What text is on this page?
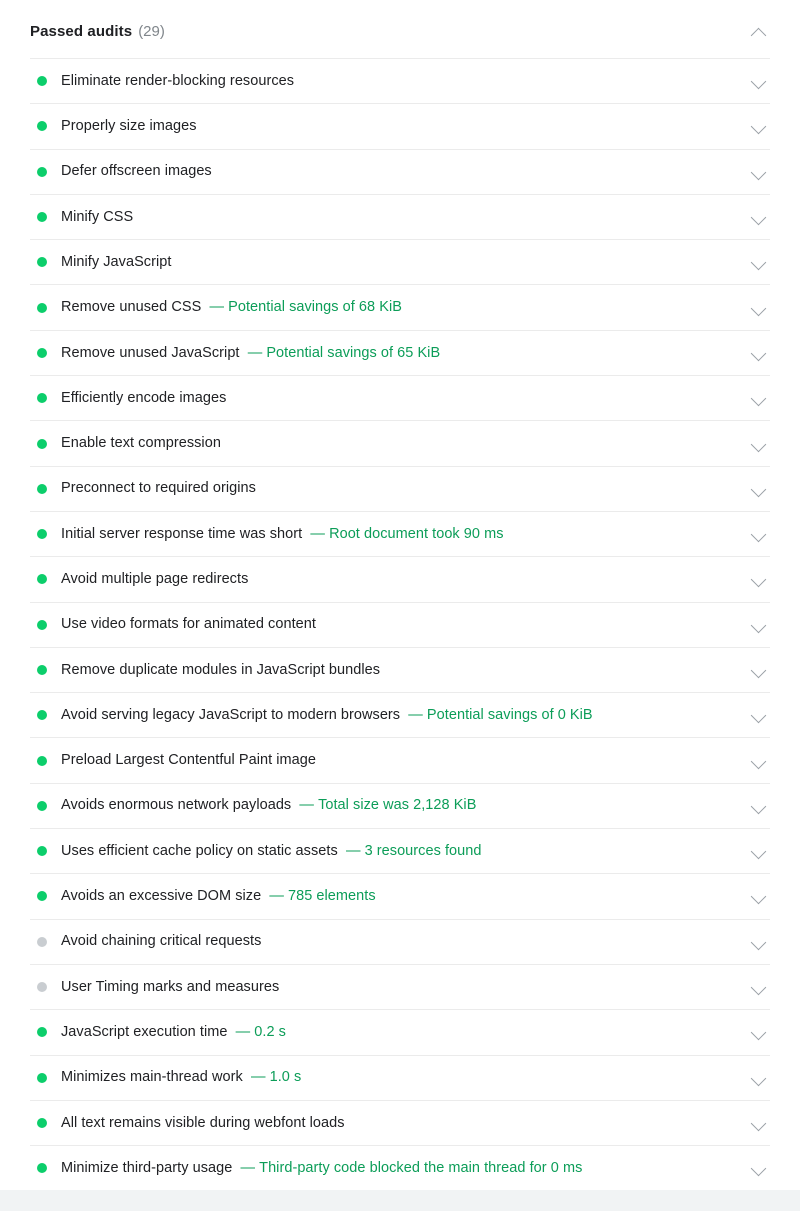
Passed audits (29)
Eliminate render-blocking resources
Properly size images
Defer offscreen images
Minify CSS
Minify JavaScript
Remove unused CSS — Potential savings of 68 KiB
Remove unused JavaScript — Potential savings of 65 KiB
Efficiently encode images
Enable text compression
Preconnect to required origins
Initial server response time was short — Root document took 90 ms
Avoid multiple page redirects
Use video formats for animated content
Remove duplicate modules in JavaScript bundles
Avoid serving legacy JavaScript to modern browsers — Potential savings of 0 KiB
Preload Largest Contentful Paint image
Avoids enormous network payloads — Total size was 2,128 KiB
Uses efficient cache policy on static assets — 3 resources found
Avoids an excessive DOM size — 785 elements
Avoid chaining critical requests
User Timing marks and measures
JavaScript execution time — 0.2 s
Minimizes main-thread work — 1.0 s
All text remains visible during webfont loads
Minimize third-party usage — Third-party code blocked the main thread for 0 ms
